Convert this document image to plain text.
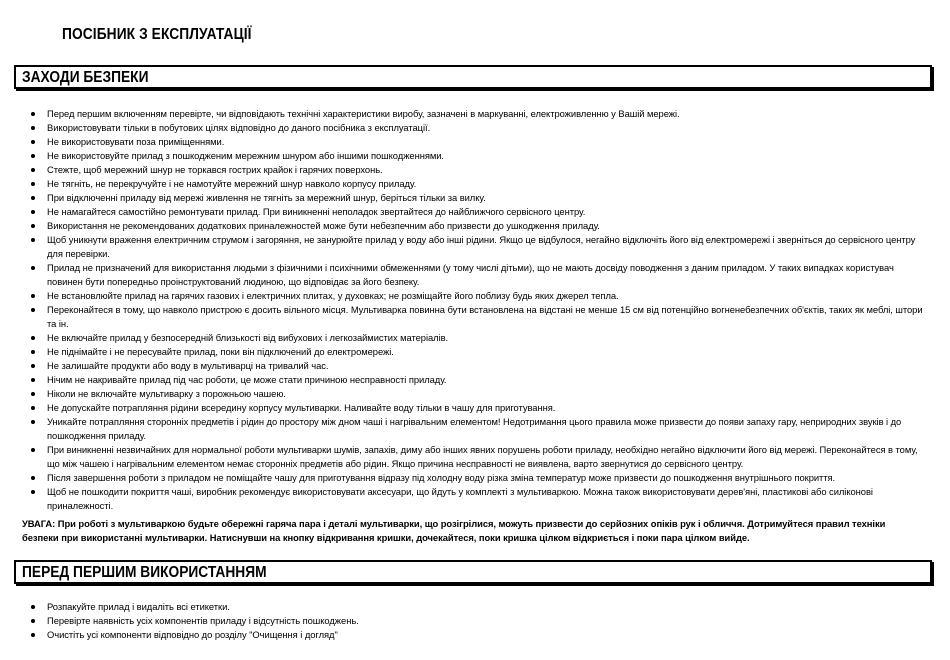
ПОСІБНИК З ЕКСПЛУАТАЦІЇ
ЗАХОДИ БЕЗПЕКИ
Перед першим включенням перевірте, чи відповідають технічні характеристики виробу, зазначені в маркуванні, електроживленню у Вашій мережі.
Використовувати тільки в побутових цілях відповідно до даного посібника з експлуатації.
Не використовувати поза приміщеннями.
Не використовуйте прилад з пошкодженим мережним шнуром або іншими пошкодженнями.
Стежте, щоб мережний шнур не торкався гострих крайок і гарячих поверхонь.
Не тягніть, не перекручуйте і не намотуйте мережний шнур навколо корпусу приладу.
При відключенні приладу від мережі живлення не тягніть за мережний шнур, беріться тільки за вилку.
Не намагайтеся самостійно ремонтувати прилад. При виникненні неполадок звертайтеся до найближчого сервісного центру.
Використання не рекомендованих додаткових приналежностей може бути небезпечним або призвести до ушкодження приладу.
Щоб уникнути враження електричним струмом і загоряння, не занурюйте прилад у воду або інші рідини. Якщо це відбулося, негайно відключіть його від електромережі і зверніться до сервісного центру для перевірки.
Прилад не призначений для використання людьми з фізичними і психічними обмеженнями (у тому числі дітьми), що не мають досвіду поводження з даним приладом. У таких випадках користувач повинен бути попередньо проінструктований людиною, що відповідає за його безпеку.
Не встановлюйте прилад на гарячих газових і електричних плитах, у духовках; не розміщайте його поблизу будь яких джерел тепла.
Переконайтеся в тому, що навколо пристрою є досить вільного місця. Мультиварка повинна бути встановлена на відстані не менше 15 см від потенційно вогненебезпечних об'єктів, таких як меблі, штори та ін.
Не включайте прилад у безпосередній близькості від вибухових і легкозаймистих матеріалів.
Не піднімайте і не пересувайте прилад, поки він підключений до електромережі.
Не залишайте продукти або воду в мультиварці на тривалий час.
Нічим не накривайте прилад під час роботи, це може стати причиною несправності приладу.
Ніколи не включайте мультиварку з порожньою чашею.
Не допускайте потрапляння рідини всередину корпусу мультиварки. Наливайте воду тільки в чашу для приготування.
Уникайте потрапляння сторонніх предметів і рідин до простору між дном чаші і нагрівальним елементом! Недотримання цього правила може призвести до появи запаху гару, неприродних звуків і до пошкодження приладу.
При виникненні незвичайних для нормальної роботи мультиварки шумів, запахів, диму або інших явних порушень роботи приладу, необхідно негайно відключити його від мережі. Переконайтеся в тому, що між чашею і нагрівальним елементом немає сторонніх предметів або рідин. Якщо причина несправності не виявлена, варто звернутися до сервісного центру.
Після завершення роботи з приладом не поміщайте чашу для приготування відразу під холодну воду різка зміна температур може призвести до пошкодження внутрішнього покриття.
Щоб не пошкодити покриття чаші, виробник рекомендує використовувати аксесуари, що йдуть у комплекті з мультиваркою. Можна також використовувати дерев'яні, пластикові або силіконові приналежності.
УВАГА: При роботі з мультиваркою будьте обережні гаряча пара і деталі мультиварки, що розігрілися, можуть призвести до серйозних опіків рук і обличчя. Дотримуйтеся правил техніки безпеки при використанні мультиварки. Натиснувши на кнопку відкривання кришки, дочекайтеся, поки кришка цілком відкриється і поки пара цілком вийде.
ПЕРЕД ПЕРШИМ ВИКОРИСТАННЯМ
Розпакуйте прилад і видаліть всі етикетки.
Перевірте наявність усіх компонентів приладу і відсутність пошкоджень.
Очистіть усі компоненти відповідно до розділу "Очищення і догляд"
